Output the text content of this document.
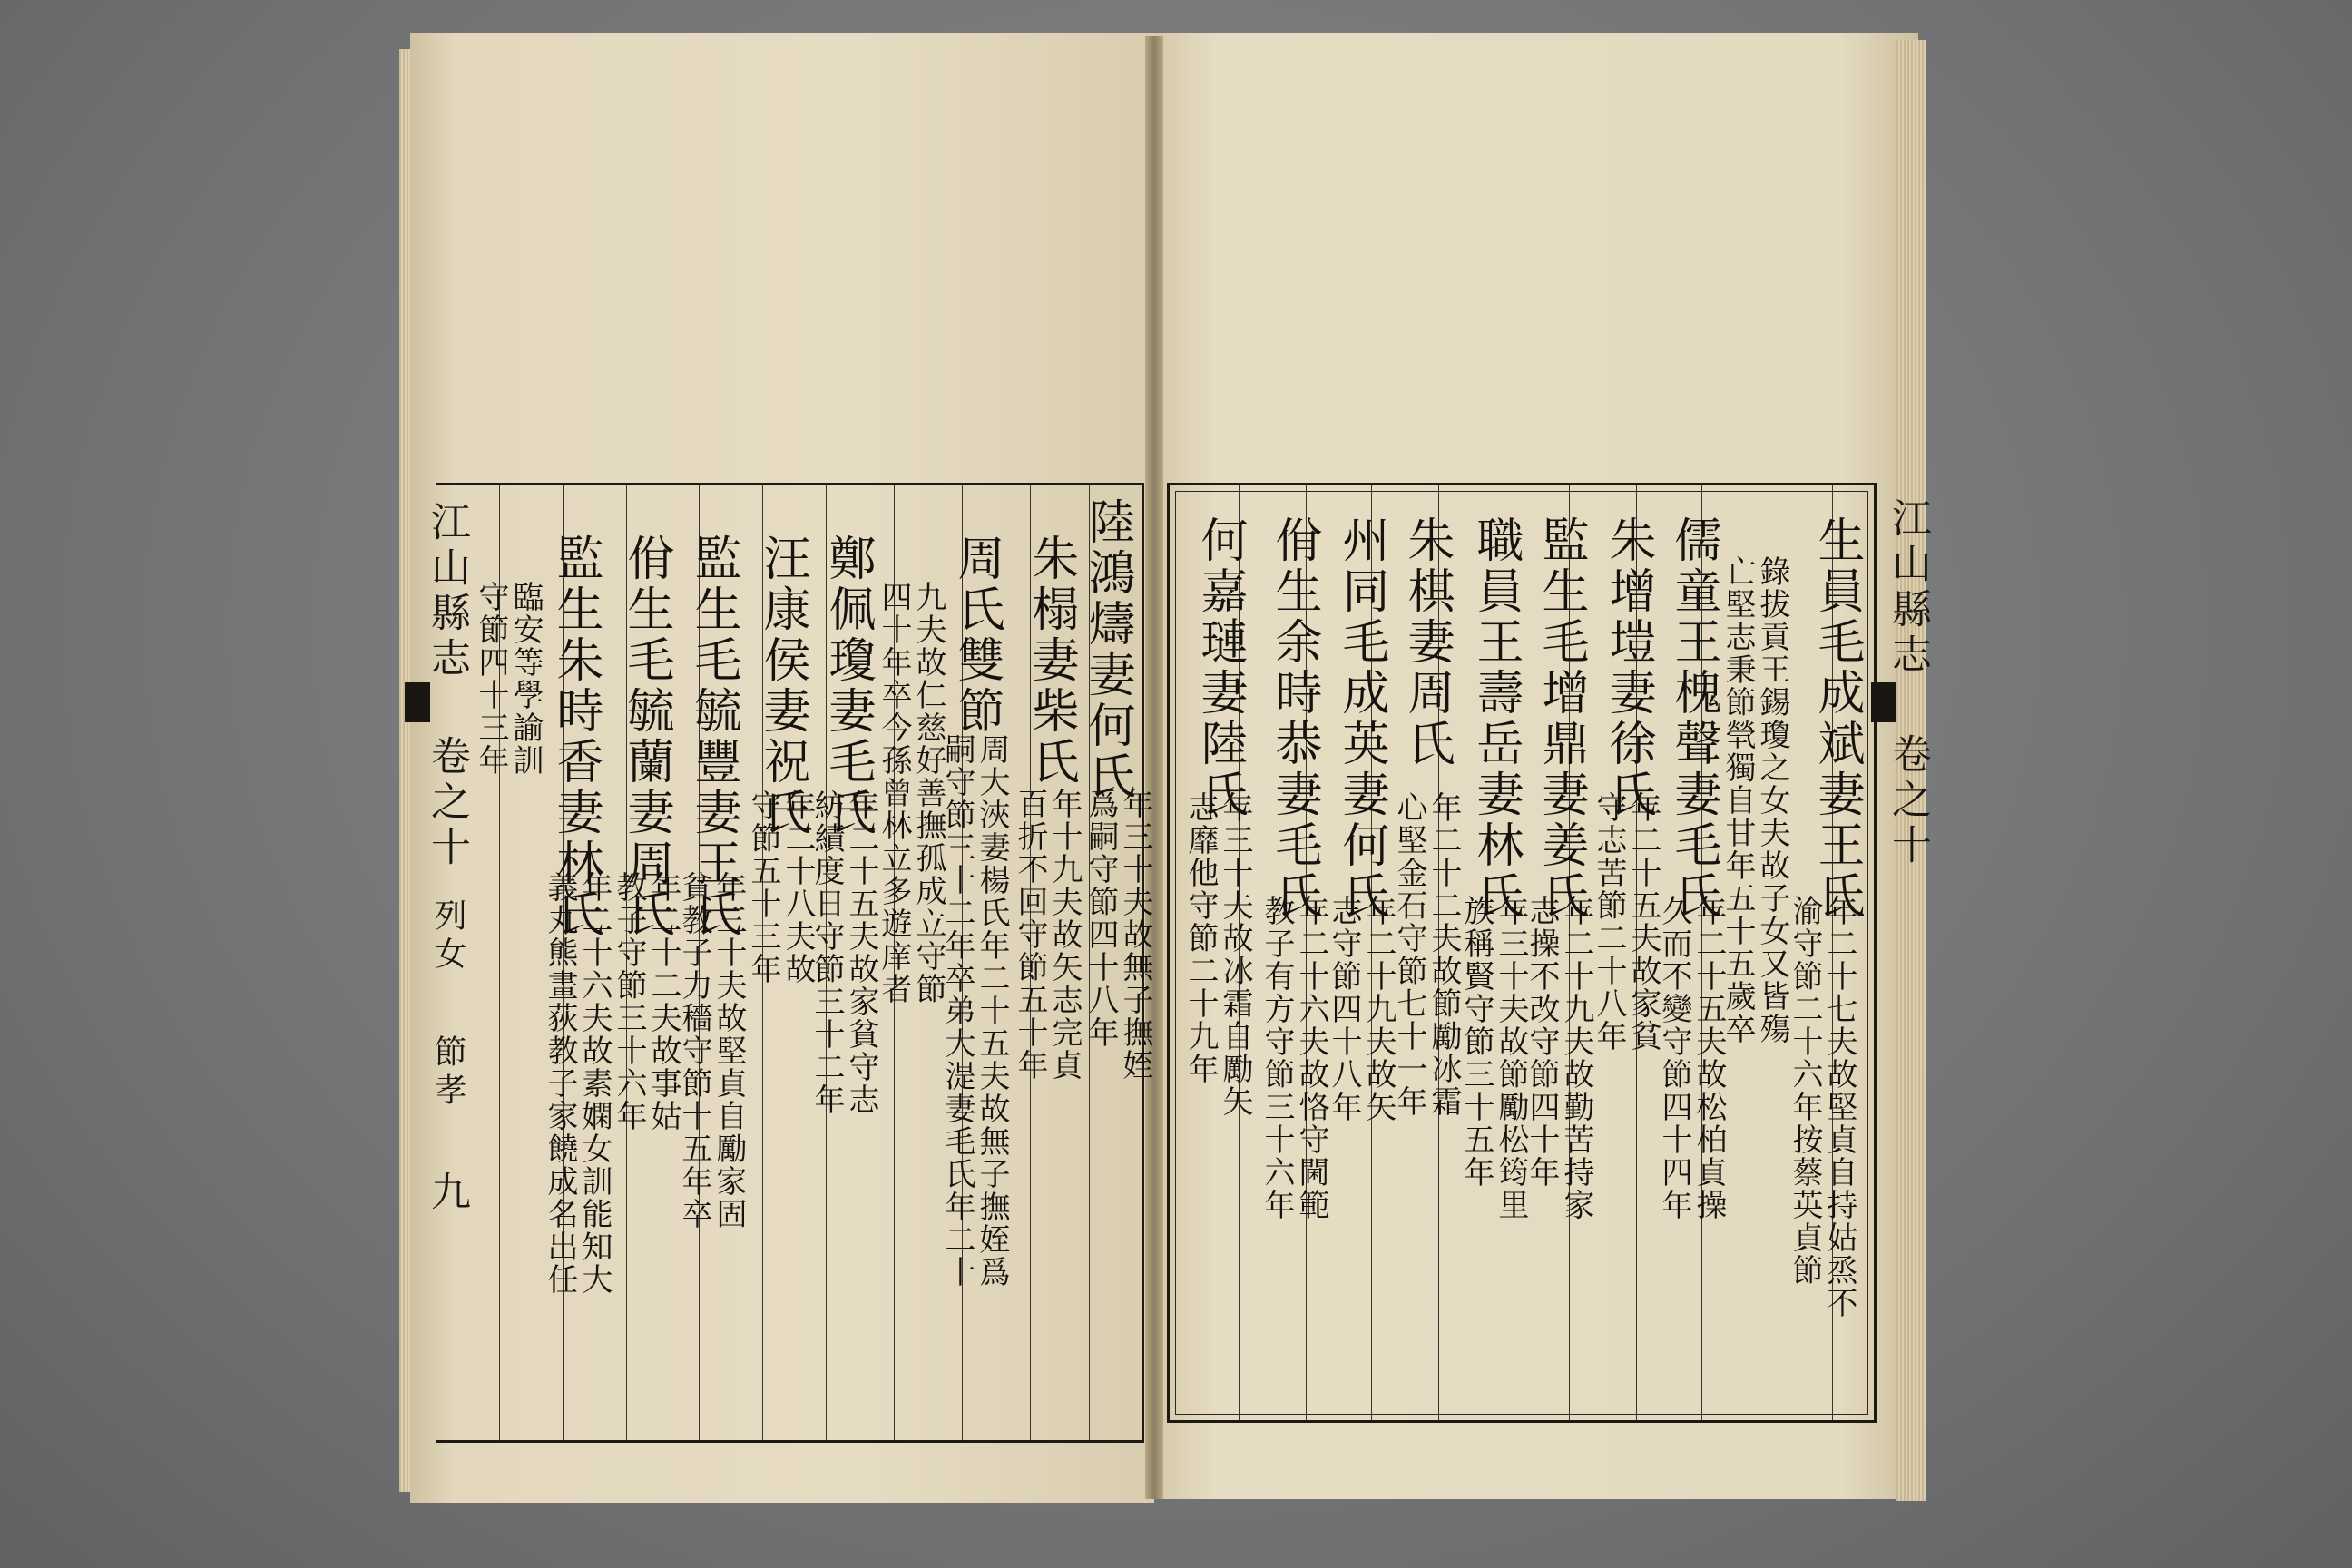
江山縣志
卷之十
列女
節孝
九
陸鴻燽妻何氏
年三十夫故無子撫姪
爲嗣守節四十八年
朱榻妻柴氏
年十九夫故矢志完貞
百折不回守節五十年
周氏雙節
周大浹妻楊氏年二十五夫故無子撫姪爲
嗣守節三十二年卒弟大湜妻毛氏年二十
九夫故仁慈好善撫孤成立守節
四十年卒今孫曾林立多遊庠者
鄭佩瓊妻毛氏
年二十五夫故家貧守志
紡績度日守節三十二年
汪康侯妻祝氏
年二十八夫故
守節五十三年
監生毛毓豐妻王氏
年三十夫故堅貞自勵家固
貧教子力穡守節十五年卒
佾生毛毓蘭妻周氏
年二十二夫故事姑
教子守節三十六年
監生朱時香妻林氏
年二十六夫故素嫻女訓能知大
義丸熊畫荻教子家饒成名出任
臨安等學諭訓
守節四十三年	江山縣志
卷之十
生員毛成斌妻王氏
年二十七夫故堅貞自持姑烝不
渝守節二十六年按蔡英貞節
錄拔貢王錫瓊之女夫故子女又皆殤
亡堅志秉節煢獨自甘年五十五歲卒
儒童王槐聲妻毛氏
年二十五夫故松柏貞操
久而不變守節四十四年
朱增塏妻徐氏
年二十五夫故家貧
守志苦節二十八年
監生毛增鼎妻姜氏
年二十九夫故勤苦持家
志操不改守節四十年
職員王壽岳妻林氏
年三十夫故節勵松筠里
族稱賢守節三十五年
朱棋妻周氏
年二十二夫故節勵冰霜
心堅金石守節七十一年
州同毛成英妻何氏
年二十九夫故矢
志守節四十八年
佾生余時恭妻毛氏
年二十六夫故恪守閫範
教子有方守節三十六年
何嘉璉妻陸氏
年三十夫故冰霜自勵矢
志靡他守節二十九年
